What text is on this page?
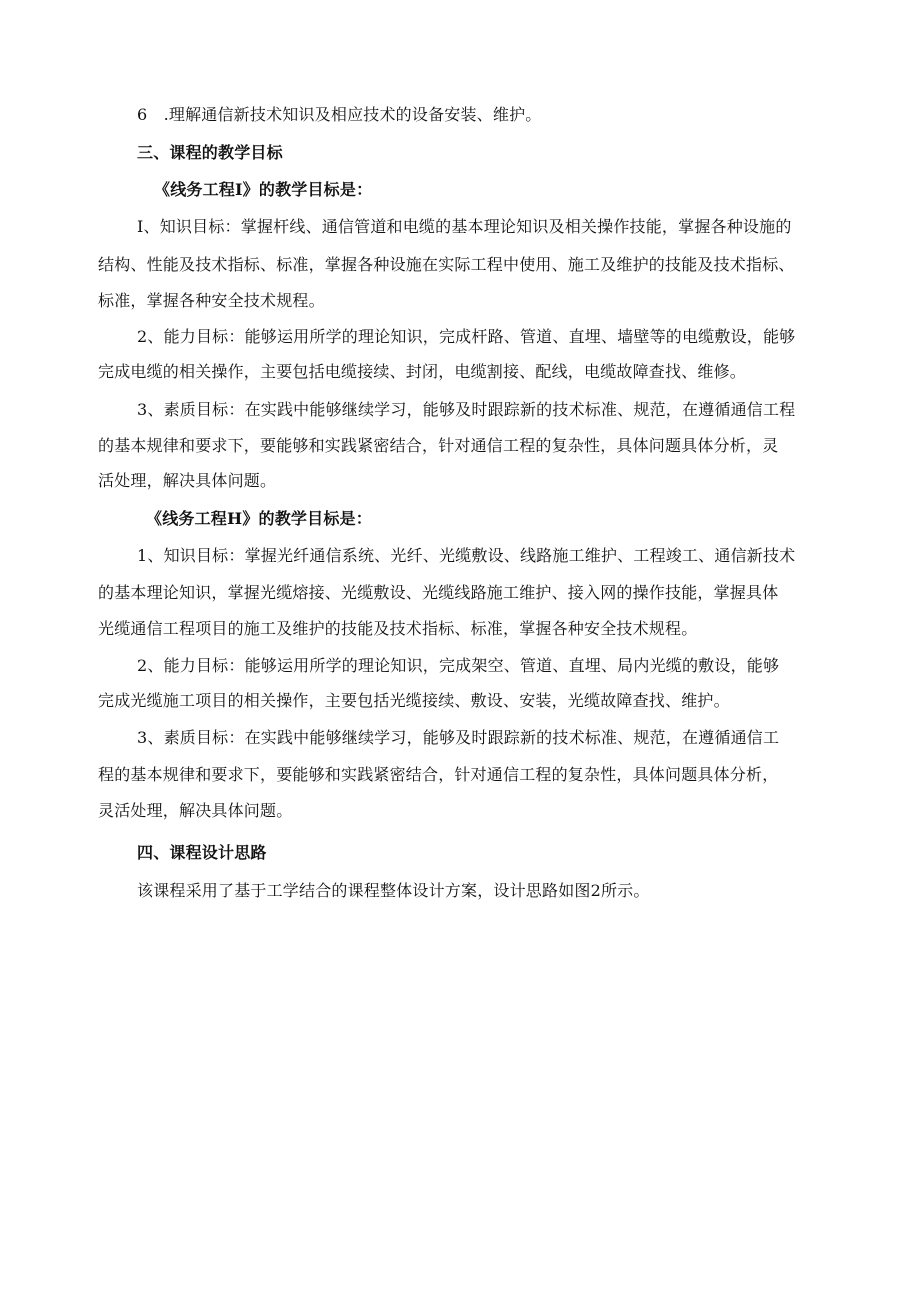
6　.理解通信新技术知识及相应技术的设备安装、维护。
三、课程的教学目标
《线务工程I》的教学目标是：
I、知识目标：掌握杆线、通信管道和电缆的基本理论知识及相关操作技能，掌握各种设施的
结构、性能及技术指标、标准，掌握各种设施在实际工程中使用、施工及维护的技能及技术指标、
标准，掌握各种安全技术规程。
2、能力目标：能够运用所学的理论知识，完成杆路、管道、直埋、墙壁等的电缆敷设，能够
完成电缆的相关操作，主要包括电缆接续、封闭，电缆割接、配线，电缆故障查找、维修。
3、素质目标：在实践中能够继续学习，能够及时跟踪新的技术标准、规范，在遵循通信工程
的基本规律和要求下，要能够和实践紧密结合，针对通信工程的复杂性，具体问题具体分析，灵
活处理，解决具体问题。
《线务工程H》的教学目标是：
1、知识目标：掌握光纤通信系统、光纤、光缆敷设、线路施工维护、工程竣工、通信新技术
的基本理论知识，掌握光缆熔接、光缆敷设、光缆线路施工维护、接入网的操作技能，掌握具体
光缆通信工程项目的施工及维护的技能及技术指标、标准，掌握各种安全技术规程。
2、能力目标：能够运用所学的理论知识，完成架空、管道、直埋、局内光缆的敷设，能够
完成光缆施工项目的相关操作，主要包括光缆接续、敷设、安装，光缆故障查找、维护。
3、素质目标：在实践中能够继续学习，能够及时跟踪新的技术标准、规范，在遵循通信工
程的基本规律和要求下，要能够和实践紧密结合，针对通信工程的复杂性，具体问题具体分析，
灵活处理，解决具体问题。
四、课程设计思路
该课程采用了基于工学结合的课程整体设计方案，设计思路如图2所示。
